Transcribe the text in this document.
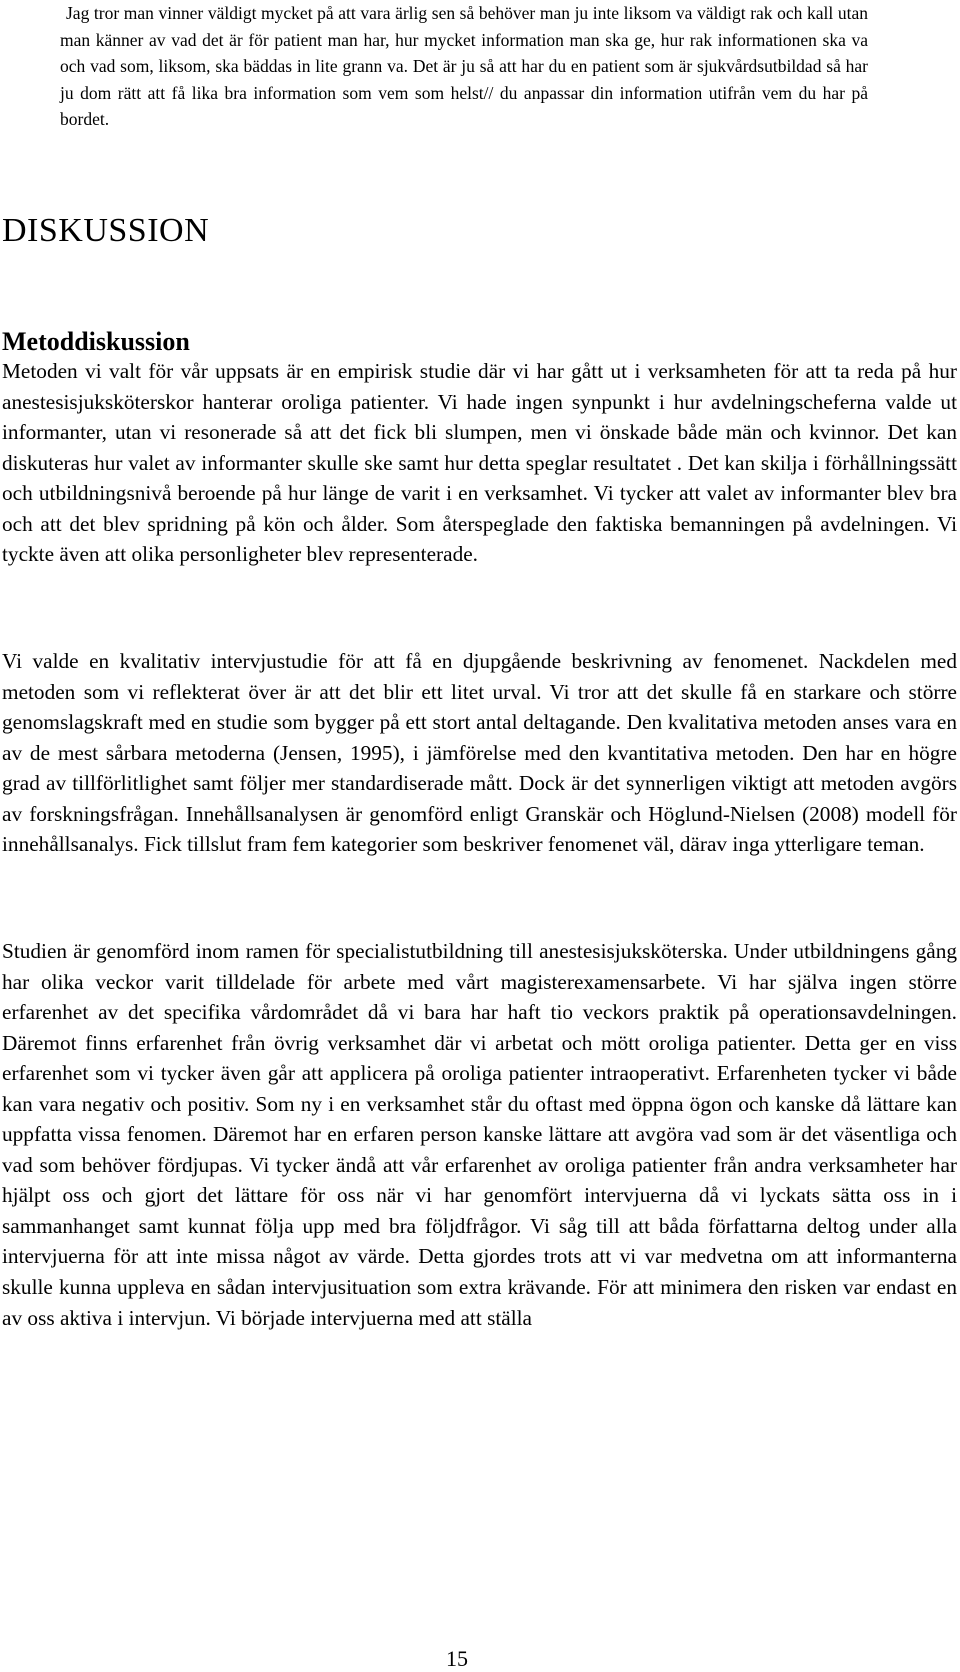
Jag tror man vinner väldigt mycket på att vara ärlig sen så behöver man ju inte liksom va väldigt rak och kall utan man känner av vad det är för patient man har, hur mycket information man ska ge, hur rak informationen ska va och vad som, liksom, ska bäddas in lite grann va. Det är ju så att har du en patient som är sjukvårdsutbildad så har ju dom rätt att få lika bra information som vem som helst// du anpassar din information utifrån vem du har på bordet.
DISKUSSION
Metoddiskussion

Metoden vi valt för vår uppsats är en empirisk studie där vi har gått ut i verksamheten för att ta reda på hur anestesisjuksköterskor hanterar oroliga patienter. Vi hade ingen synpunkt i hur avdelningscheferna valde ut informanter, utan vi resonerade så att det fick bli slumpen, men vi önskade både män och kvinnor. Det kan diskuteras hur valet av informanter skulle ske samt hur detta speglar resultatet . Det kan skilja i förhållningssätt och utbildningsnivå beroende på hur länge de varit i en verksamhet. Vi tycker att valet av informanter blev bra och att det blev spridning på kön och ålder. Som återspeglade den faktiska bemanningen på avdelningen. Vi tyckte även att olika personligheter blev representerade.

Vi valde en kvalitativ intervjustudie för att få en djupgående beskrivning av fenomenet. Nackdelen med metoden som vi reflekterat över är att det blir ett litet urval. Vi tror att det skulle få en starkare och större genomslagskraft med en studie som bygger på ett stort antal deltagande. Den kvalitativa metoden anses vara en av de mest sårbara metoderna (Jensen, 1995), i jämförelse med den kvantitativa metoden. Den har en högre grad av tillförlitlighet samt följer mer standardiserade mått. Dock är det synnerligen viktigt att metoden avgörs av forskningsfrågan. Innehållsanalysen är genomförd enligt Granskär och Höglund-Nielsen (2008) modell för innehållsanalys. Fick tillslut fram fem kategorier som beskriver fenomenet väl, därav inga ytterligare teman.

Studien är genomförd inom ramen för specialistutbildning till anestesisjuksköterska. Under utbildningens gång har olika veckor varit tilldelade för arbete med vårt magisterexamensarbete. Vi har själva ingen större erfarenhet av det specifika vårdområdet då vi bara har haft tio veckors praktik på operationsavdelningen. Däremot finns erfarenhet från övrig verksamhet där vi arbetat och mött oroliga patienter. Detta ger en viss erfarenhet som vi tycker även går att applicera på oroliga patienter intraoperativt. Erfarenheten tycker vi både kan vara negativ och positiv. Som ny i en verksamhet står du oftast med öppna ögon och kanske då lättare kan uppfatta vissa fenomen. Däremot har en erfaren person kanske lättare att avgöra vad som är det väsentliga och vad som behöver fördjupas. Vi tycker ändå att vår erfarenhet av oroliga patienter från andra verksamheter har hjälpt oss och gjort det lättare för oss när vi har genomfört intervjuerna då vi lyckats sätta oss in i sammanhanget samt kunnat följa upp med bra följdfrågor. Vi såg till att båda författarna deltog under alla intervjuerna för att inte missa något av värde. Detta gjordes trots att vi var medvetna om att informanterna skulle kunna uppleva en sådan intervjusituation som extra krävande. För att minimera den risken var endast en av oss aktiva i intervjun. Vi började intervjuerna med att ställa

15
